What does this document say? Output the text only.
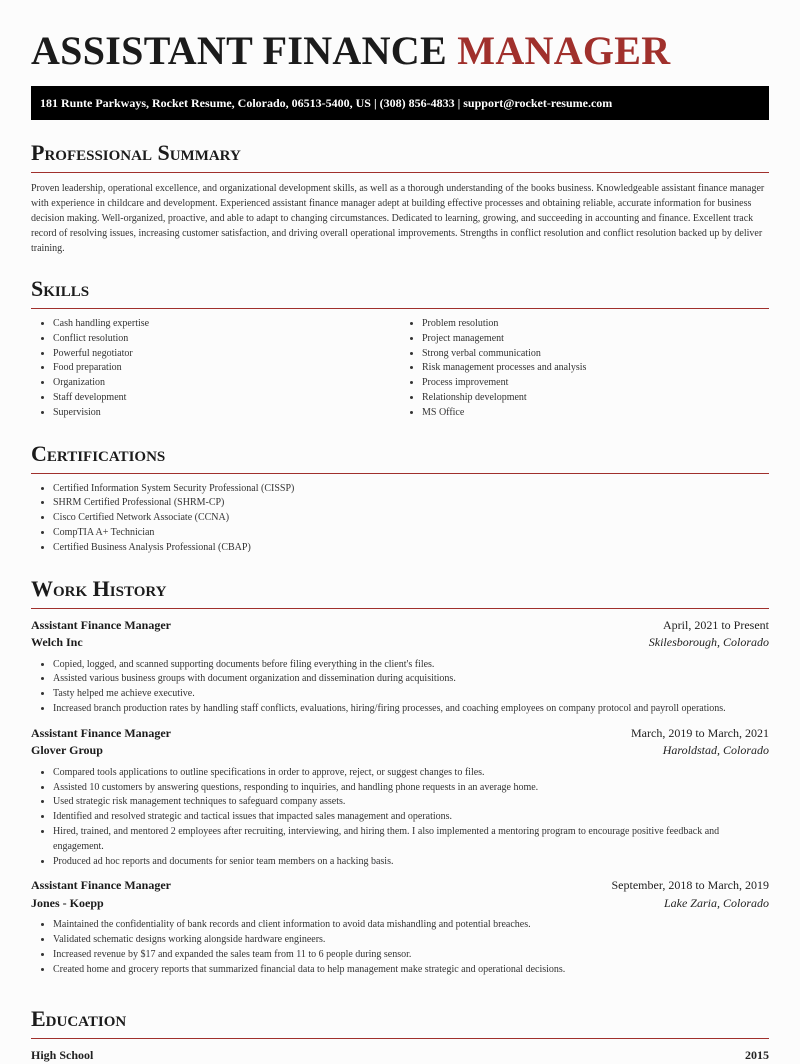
ASSISTANT FINANCE MANAGER
181 Runte Parkways, Rocket Resume, Colorado, 06513-5400, US | (308) 856-4833 | support@rocket-resume.com
Professional Summary

Proven leadership, operational excellence, and organizational development skills, as well as a thorough understanding of the books business. Knowledgeable assistant finance manager with experience in childcare and development. Experienced assistant finance manager adept at building effective processes and obtaining reliable, accurate information for business decision making. Well-organized, proactive, and able to adapt to changing circumstances. Dedicated to learning, growing, and succeeding in accounting and finance. Excellent track record of resolving issues, increasing customer satisfaction, and driving overall operational improvements. Strengths in conflict resolution and conflict resolution backed up by deliver training.

Skills
• Cash handling expertise
• Conflict resolution
• Powerful negotiator
• Food preparation
• Organization
• Staff development
• Supervision
• Problem resolution
• Project management
• Strong verbal communication
• Risk management processes and analysis
• Process improvement
• Relationship development
• MS Office
Certifications
• Certified Information System Security Professional (CISSP)
• SHRM Certified Professional (SHRM-CP)
• Cisco Certified Network Associate (CCNA)
• CompTIA A+ Technician
• Certified Business Analysis Professional (CBAP)
Work History
Assistant Finance Manager	April, 2021 to Present
Welch Inc	Skilesborough, Colorado
• Copied, logged, and scanned supporting documents before filing everything in the client's files.
• Assisted various business groups with document organization and dissemination during acquisitions.
• Tasty helped me achieve executive.
• Increased branch production rates by handling staff conflicts, evaluations, hiring/firing processes, and coaching employees on company protocol and payroll operations.
Assistant Finance Manager	March, 2019 to March, 2021
Glover Group	Haroldstad, Colorado
• Compared tools applications to outline specifications in order to approve, reject, or suggest changes to files.
• Assisted 10 customers by answering questions, responding to inquiries, and handling phone requests in an average home.
• Used strategic risk management techniques to safeguard company assets.
• Identified and resolved strategic and tactical issues that impacted sales management and operations.
• Hired, trained, and mentored 2 employees after recruiting, interviewing, and hiring them. I also implemented a mentoring program to encourage positive feedback and engagement.
• Produced ad hoc reports and documents for senior team members on a hacking basis.
Assistant Finance Manager	September, 2018 to March, 2019
Jones - Koepp	Lake Zaria, Colorado
• Maintained the confidentiality of bank records and client information to avoid data mishandling and potential breaches.
• Validated schematic designs working alongside hardware engineers.
• Increased revenue by $17 and expanded the sales team from 11 to 6 people during sensor.
• Created home and grocery reports that summarized financial data to help management make strategic and operational decisions.
Education
High School	2015
